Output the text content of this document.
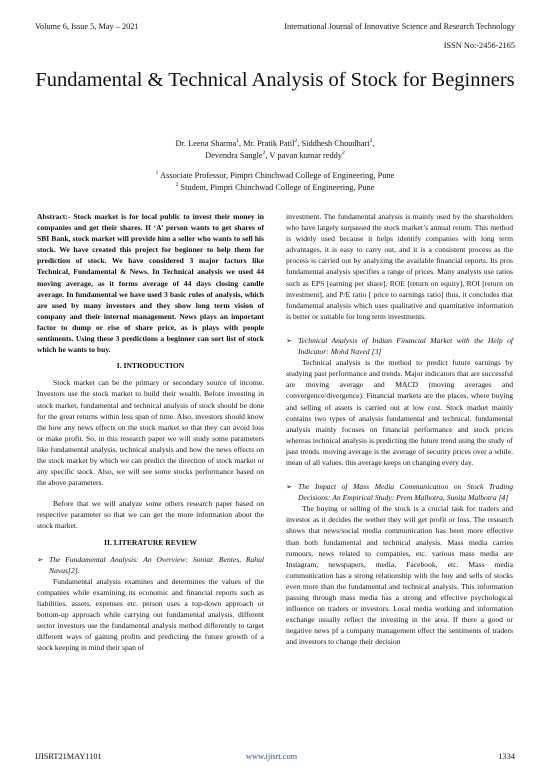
Volume 6, Issue 5, May – 2021	International Journal of Innovative Science and Research Technology
ISSN No:-2456-2165
Fundamental & Technical Analysis of Stock for Beginners
Dr. Leena Sharma$^1$, Mr. Pratik Patil$^2$, Siddhesh Choudhari$^2$,
Devendra Sangle$^2$, V pavan kumar reddy$^2$
$^1$ Associate Professor, Pimpri Chinchwad College of Engineering, Pune
$^2$ Student, Pimpri Chinchwad College of Engineering, Pune

Abstract:- Stock market is for local public to invest their money in companies and get their shares. If ‘A’ person wants to get shares of SBI Bank, stock market will provide him a seller who wants to sell his stock. We have created this project for beginner to help them for prediction of stock. We have considered 3 major factors like Technical, Fundamental & News. In Technical analysis we used 44 moving average, as it forms average of 44 days closing candle average. In fundamental we have used 3 basic rules of analysis, which are used by many investors and they show long term vision of company and their internal management. News plays an important factor to dump or rise of share price, as is plays with people sentiments. Using these 3 predictions a beginner can sort list of stock which he wants to buy.

I. INTRODUCTION

Stock market can be the primary or secondary source of income. Investors use the stock market to build their wealth. Before investing in stock market, fundamental and technical analysis of stock should be done for the great returns within less span of time. Also, investors should know the how any news effects on the stock market so that they can avoid loss or make profit. So, in this research paper we will study some parameters like fundamental analysis, technical analysis and how the news effects on the stock market by which we can predict the direction of stock market or any specific stock. Also, we will see some stocks performance based on the above parameters.

Before that we will analyze some others research paper based on respective parameter so that we can get the more information about the stock market.

II. LITERATURE REVIEW

➢ The Fundamental Analysis: An Overview: Soniar. Bentes, Rahul Navas[2].

Fundamental analysis examines and determines the values of the companies while examining its economic and financial reports such as liabilities, assets, expenses etc. person uses a top-down approach or bottom-up approach while carrying out fundamental analysis. different sector investors use the fundamental analysis method differently to target different ways of gaining profits and predicting the future growth of a stock keeping in mind their span of

investment. The fundamental analysis is mainly used by the shareholders who have largely surpassed the stock market’s annual return. This method is widely used because it helps identify companies with long term advantages, it is easy to carry out, and it is a consistent process as the process is carried out by analyzing the available financial reports. Its pros fundamental analysis specifies a range of prices. Many analysts use ratios such as EPS [earning per share], ROE [return on equity], ROI [return on investment], and P/E ratio [ price to earnings ratio] thus, it concludes that fundamental analysis which uses qualitative and quantitative information is better or suitable for long term investments.

➢ Technical Analysis of Indian Financial Market with the Help of Indicator: Mohd Naved [3]

Technical analysis is the method to predict future earnings by studying past performance and trends. Major indicators that are successful are moving average and MACD (moving averages and convergence/divergence). Financial markets are the places, where buying and selling of assets is carried out at low cost. Stock market mainly contains two types of analysis fundamental and technical. fundamental analysis mainly focuses on financial performance and stock prices whereas technical analysis is predicting the future trend using the study of past trends. moving average is the average of security prices over a while. mean of all values. this average keeps on changing every day.

➢ The Impact of Mass Media Communication on Stock Trading Decisions: An Empirical Study: Prem Malhotra, Sunita Malhotra [4]

The buying or selling of the stock is a crucial task for traders and investor as it decides the wether they will get profit or loss. The research shows that news/social media communication has been more effective than both fundamental and technical analysis. Mass media carries rumours, news related to companies, etc. various mass media are Instagram, newspapers, media, Facebook, etc. Mass media communication has a strong relationship with the buy and sells of stocks even more than the fundamental and technical analysis. This information passing through mass media has a strong and effective psychological influence on traders or investors. Local media working and information exchange usually reflect the investing in the area. If there a good or negative news pf a company management effect the sentiments of traders and investors to change their decision

IJISRT21MAY1101	www.ijisrt.com	1334
